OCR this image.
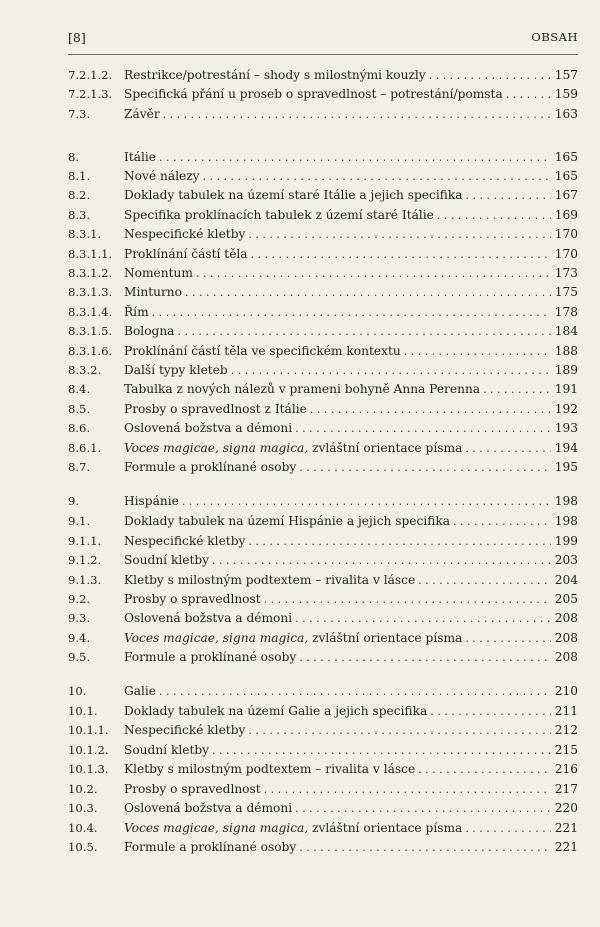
[8]	OBSAH
7.2.1.2. Restrikce/potrestání – shody s milostnými kouzly . . .	157
7.2.1.3. Specifická přání u proseb o spravedlnost – potrestání/pomsta . . .	159
7.3.	Závěr . . .	163
8.	Itálie . . .	165
8.1.	Nové nálezy . . .	165
8.2.	Doklady tabulek na území staré Itálie a jejich specifika . . .	167
8.3.	Specifika proklínacích tabulek z území staré Itálie . . .	169
8.3.1.	Nespecifické kletby . . .	170
8.3.1.1. Proklínání částí těla . . .	170
8.3.1.2. Nomentum . . .	173
8.3.1.3. Minturno . . .	175
8.3.1.4. Řím . . .	178
8.3.1.5. Bologna . . .	184
8.3.1.6. Proklínání částí těla ve specifickém kontextu . . .	188
8.3.2.	Další typy kleteb . . .	189
8.4.	Tabulka z nových nálezů v prameni bohyně Anna Perenna . . .	191
8.5.	Prosby o spravedlnost z Itálie . . .	192
8.6.	Oslovená božstva a démoni . . .	193
8.6.1.	Voces magicae, signa magica, zvláštní orientace písma . . .	194
8.7.	Formule a proklínané osoby . . .	195
9.	Hispánie . . .	198
9.1.	Doklady tabulek na území Hispánie a jejich specifika . . .	198
9.1.1.	Nespecifické kletby . . .	199
9.1.2.	Soudní kletby . . .	203
9.1.3.	Kletby s milostným podtextem – rivalita v lásce . . .	204
9.2.	Prosby o spravedlnost . . .	205
9.3.	Oslovená božstva a démoni . . .	208
9.4.	Voces magicae, signa magica, zvláštní orientace písma . . .	208
9.5.	Formule a proklínané osoby . . .	208
10.	Galie . . .	210
10.1.	Doklady tabulek na území Galie a jejich specifika . . .	211
10.1.1.	Nespecifické kletby . . .	212
10.1.2.	Soudní kletby . . .	215
10.1.3.	Kletby s milostným podtextem – rivalita v lásce . . .	216
10.2.	Prosby o spravedlnost . . .	217
10.3.	Oslovená božstva a démoni . . .	220
10.4.	Voces magicae, signa magica, zvláštní orientace písma . . .	221
10.5.	Formule a proklínané osoby . . .	221
